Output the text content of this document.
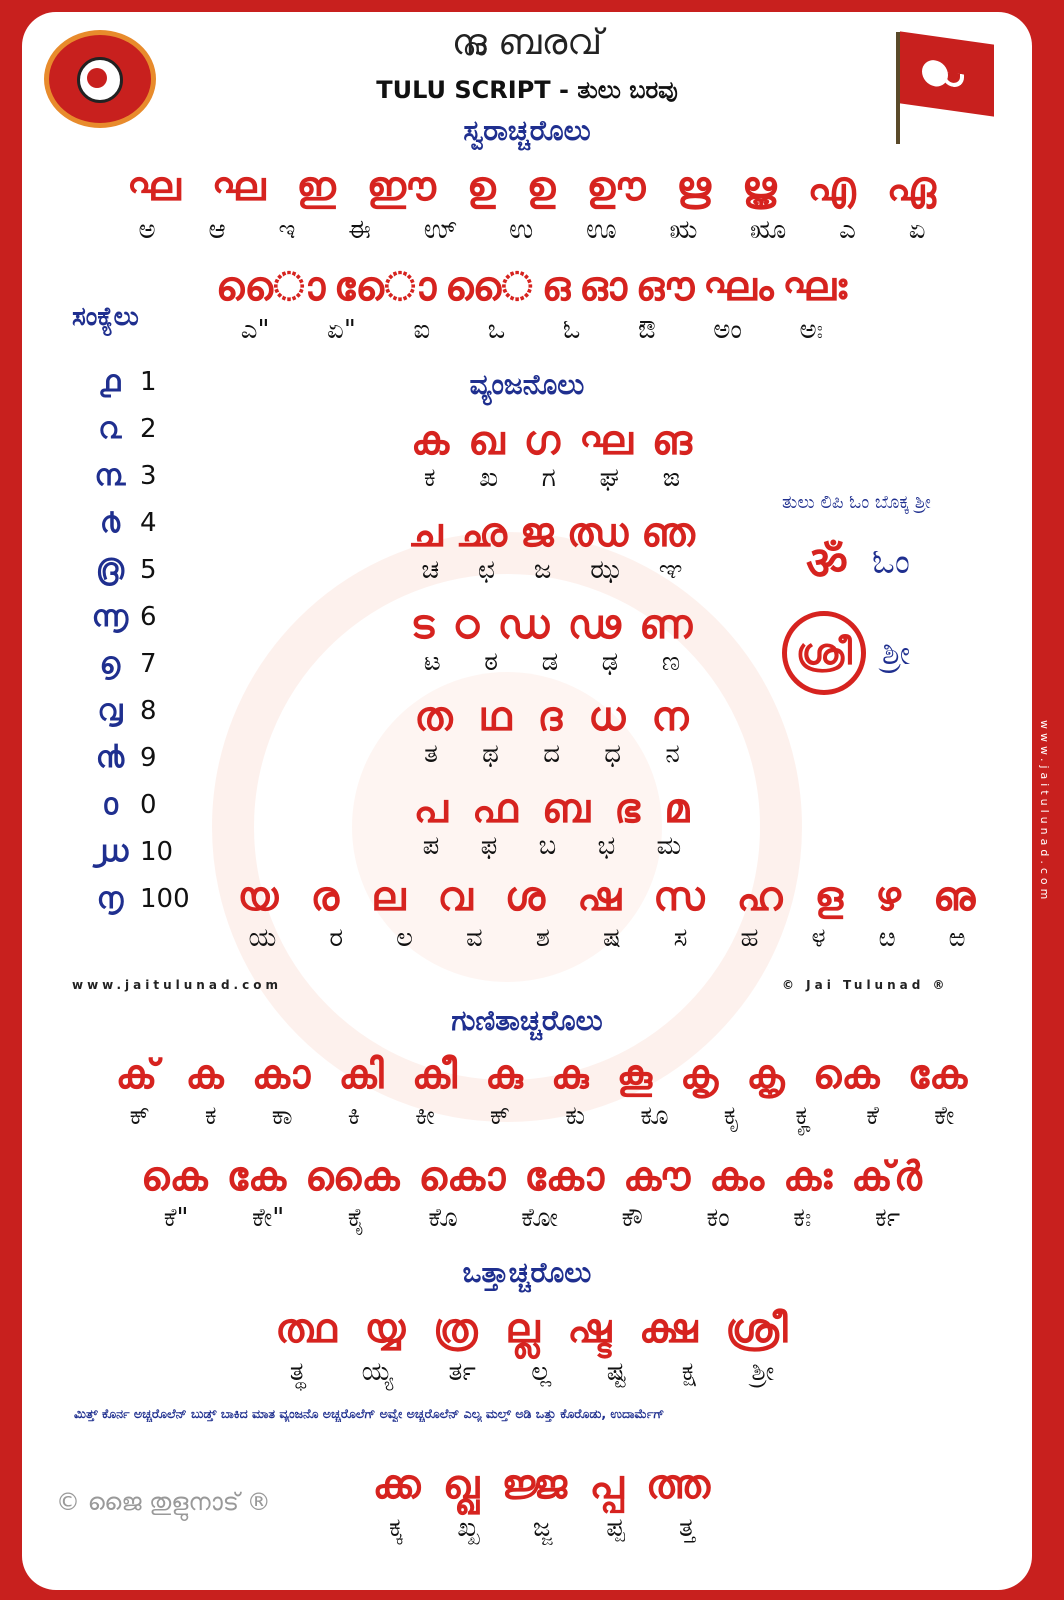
ന്ദ്ല ബരവ്
TULU SCRIPT - ತುಲು ಬರವು
ಸ್ವರಾಚ್ಚರೊಲು
ഘ ഘ ഇ ഈ ഉ ഉ ഊ ഋ ൠ എ ഏ
ಅ ಆ ಇ ಈ ಉ್ ಉ ಊ ಋ ೠ ಎ ಏ
ൊെ ൊേ ൈ ഒ ഓ ഔ ഘം ഘഃ
ಎ" ಏ" ಐ ಒ ಓ ಔ ಅಂ ಅಃ
ಸಂಕ್ಯೆಲು
൧ 1
൨ 2
൩ 3
൪ 4
൫ 5
൬ 6
൭ 7
൮ 8
൯ 9
൦ 0
൰ 10
൱ 100
ವ್ಯಂಜನೊಲು
ക ഖ ഗ ഘ ങ
ಕ ಖ ಗ ಘ ಙ
ച ഛ ജ ഝ ഞ
ಚ ಛ ಜ ಝ ಞ
ട ഠ ഡ ഢ ണ
ಟ ಠ ಡ ಢ ಣ
ത ഥ ദ ധ ന
ತ ಥ ದ ಧ ನ
പ ഫ ബ ഭ മ
ಪ ಫ ಬ ಭ ಮ
യ ര ല വ ശ ഷ സ ഹ ള ഴ ഌ
ಯ ರ ಲ ವ ಶ ಷ ಸ ಹ ಳ ೞ ಱ
ತುಲು ಲಿಪಿ ಓಂ ಬೊಕ್ಕ ಶ್ರೀ
ॐ ಓಂ
ശ്രീ ಶ್ರೀ
www.jaitulunad.com	© Jai Tulunad ®
ಗುಣಿತಾಚ್ಚರೊಲು
ക് ക കാ കി കീ കു കു കൂ കൃ കൄ കെ കേ
ಕ್ ಕ ಕಾ ಕಿ ಕೀ ಕ್ ಕು ಕೂ ಕೃ ಕೄ ಕೆ ಕೇ
കെ കേ കൈ കൊ കോ കൗ കം കഃ ക്ർ
ಕೆ" ಕೇ" ಕೈ ಕೊ ಕೋ ಕೌ ಕಂ ಕಃ ರ್ಕ
ಒತ್ತಾಚ್ಚರೊಲು
ത്ഥ യ്യ ത്ര ല്ല ഷ്ട ക്ഷ ശ്രീ
ತ್ಥ ಯ್ಯ ರ್ತ ಲ್ಲ ಷ್ಟ ಕ್ಷ ಶ್ರೀ
ಮಿತ್ತ್ ಕೊರ್ನ ಅಚ್ಚರೊಲೆನ್ ಬುಡ್ತ್ ಬಾಕಿದ ಮಾತ ವ್ಯಂಜನೊ ಅಚ್ಚರೊಲೆಗ್ ಅವ್ವೇ ಅಚ್ಚರೊಲೆನ್ ಎಲ್ಯ ಮಲ್ತ್ ಅಡಿ ಒತ್ತು ಕೊರೊಡು, ಉದಾರ್ಮೆಗ್
ക്ക ഖ്ഖ ജ്ജ പ്പ ത്ത
ಕ್ಕ ಖ್ಖ ಜ್ಜ ಪ್ಪ ತ್ತ
© ജൈ തുളുനാട് ®
www.jaitulunad.com
